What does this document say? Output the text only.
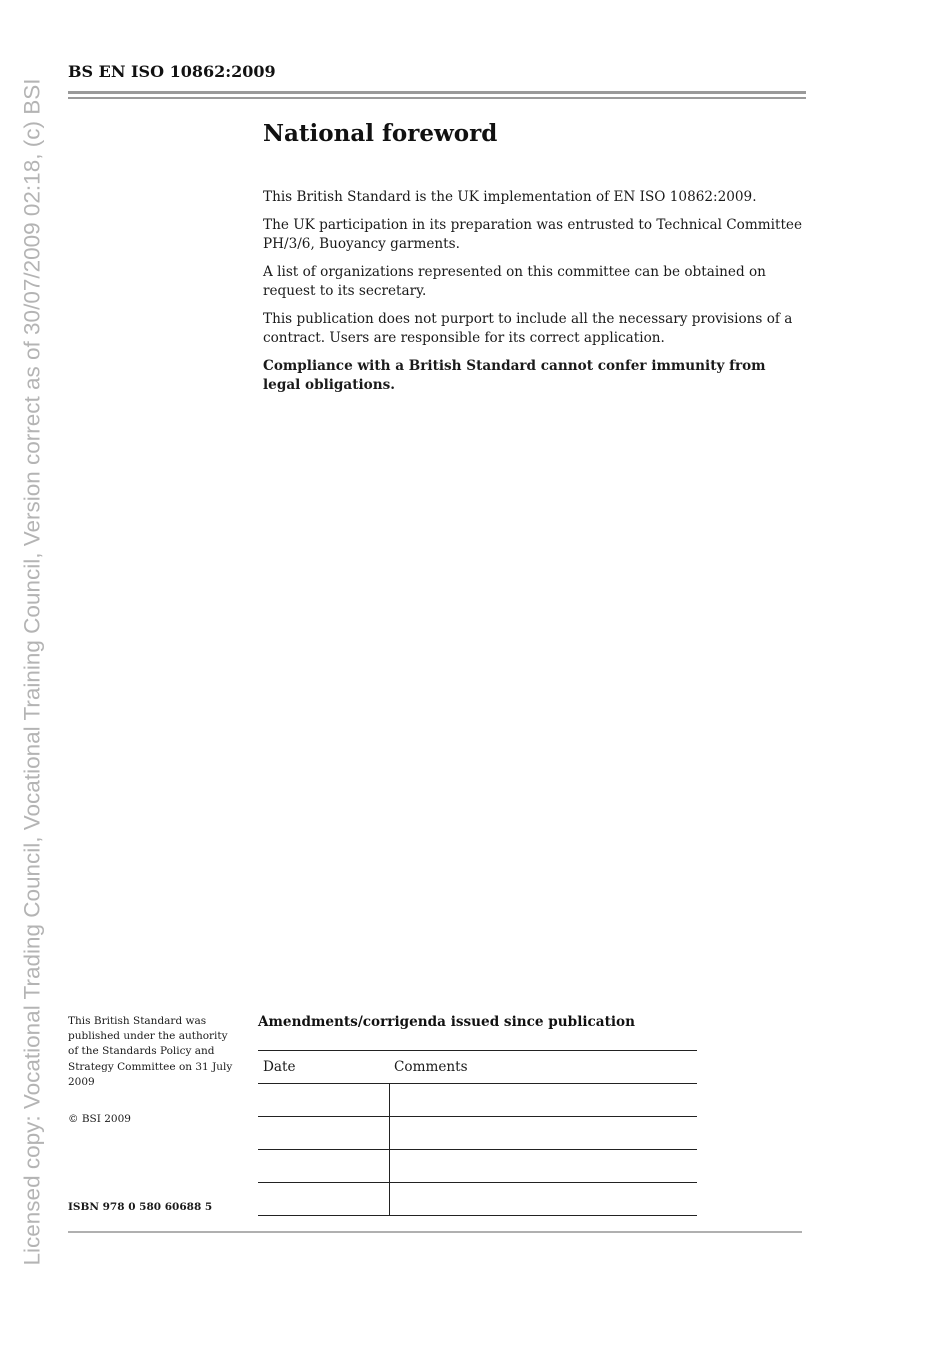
Licensed copy: Vocational Trading Council, Vocational Training Council, Version correct as of 30/07/2009 02:18, (c) BSI
BS EN ISO 10862:2009
National foreword

This British Standard is the UK implementation of EN ISO 10862:2009.

The UK participation in its preparation was entrusted to Technical Committee PH/3/6, Buoyancy garments.

A list of organizations represented on this committee can be obtained on request to its secretary.

This publication does not purport to include all the necessary provisions of a contract. Users are responsible for its correct application.

Compliance with a British Standard cannot confer immunity from legal obligations.

This British Standard was published under the authority of the Standards Policy and Strategy Committee on 31 July 2009
© BSI 2009
ISBN 978 0 580 60688 5
Amendments/corrigenda issued since publication
Date	Comments
